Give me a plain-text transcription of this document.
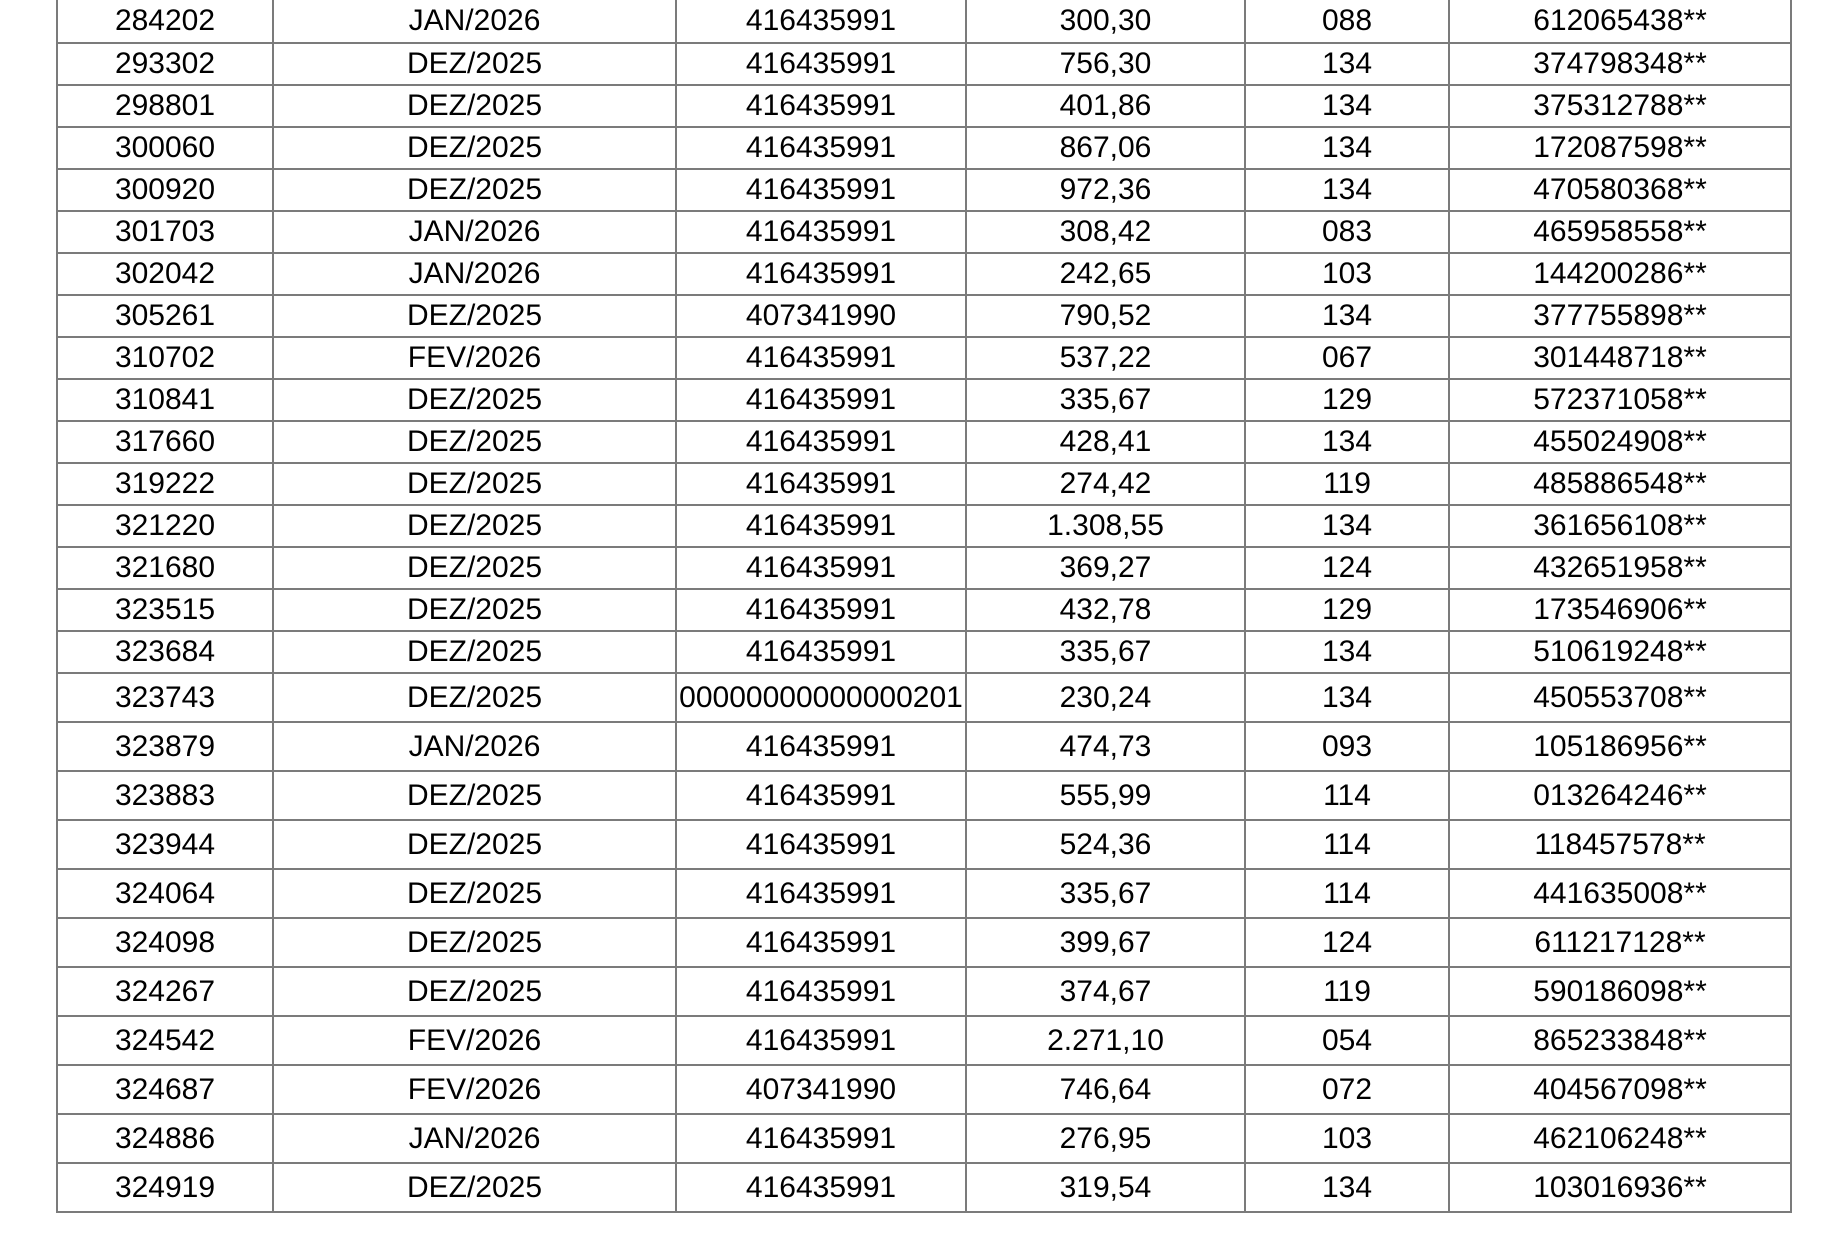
284202	JAN/2026	416435991	300,30	088	612065438**
293302	DEZ/2025	416435991	756,30	134	374798348**
298801	DEZ/2025	416435991	401,86	134	375312788**
300060	DEZ/2025	416435991	867,06	134	172087598**
300920	DEZ/2025	416435991	972,36	134	470580368**
301703	JAN/2026	416435991	308,42	083	465958558**
302042	JAN/2026	416435991	242,65	103	144200286**
305261	DEZ/2025	407341990	790,52	134	377755898**
310702	FEV/2026	416435991	537,22	067	301448718**
310841	DEZ/2025	416435991	335,67	129	572371058**
317660	DEZ/2025	416435991	428,41	134	455024908**
319222	DEZ/2025	416435991	274,42	119	485886548**
321220	DEZ/2025	416435991	1.308,55	134	361656108**
321680	DEZ/2025	416435991	369,27	124	432651958**
323515	DEZ/2025	416435991	432,78	129	173546906**
323684	DEZ/2025	416435991	335,67	134	510619248**
323743	DEZ/2025	00000000000000201	230,24	134	450553708**
323879	JAN/2026	416435991	474,73	093	105186956**
323883	DEZ/2025	416435991	555,99	114	013264246**
323944	DEZ/2025	416435991	524,36	114	118457578**
324064	DEZ/2025	416435991	335,67	114	441635008**
324098	DEZ/2025	416435991	399,67	124	611217128**
324267	DEZ/2025	416435991	374,67	119	590186098**
324542	FEV/2026	416435991	2.271,10	054	865233848**
324687	FEV/2026	407341990	746,64	072	404567098**
324886	JAN/2026	416435991	276,95	103	462106248**
324919	DEZ/2025	416435991	319,54	134	103016936**
